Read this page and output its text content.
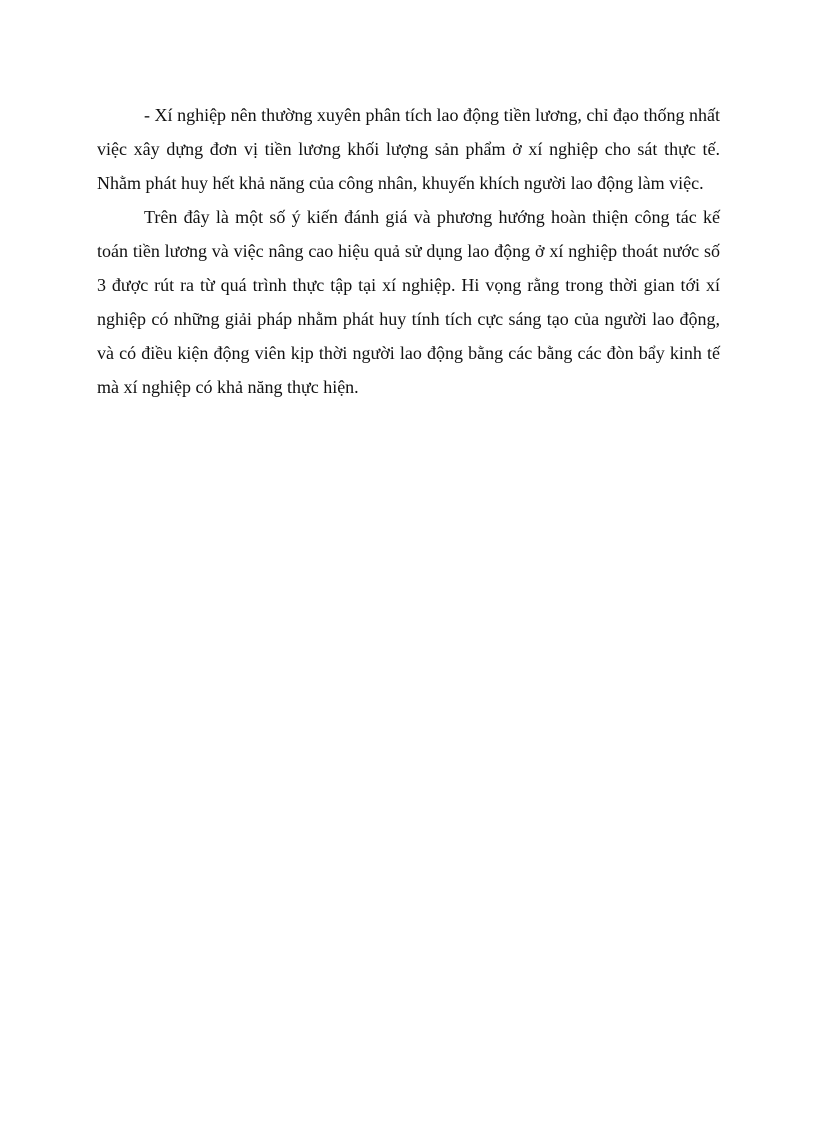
- Xí nghiệp nên thường xuyên phân tích lao động tiền lương, chỉ đạo thống nhất việc xây dựng đơn vị tiền lương khối lượng sản phẩm ở xí nghiệp cho sát thực tế. Nhằm phát huy hết khả năng của công nhân, khuyến khích người lao động làm việc.

Trên đây là một số ý kiến đánh giá và phương hướng hoàn thiện công tác kế toán tiền lương và việc nâng cao hiệu quả sử dụng lao động ở xí nghiệp thoát nước số 3 được rút ra từ quá trình thực tập tại xí nghiệp. Hi vọng rằng trong thời gian tới xí nghiệp có những giải pháp nhằm phát huy tính tích cực sáng tạo của người lao động, và có điều kiện động viên kịp thời người lao động bằng các bằng các đòn bẩy kinh tế mà xí nghiệp có khả năng thực hiện.
